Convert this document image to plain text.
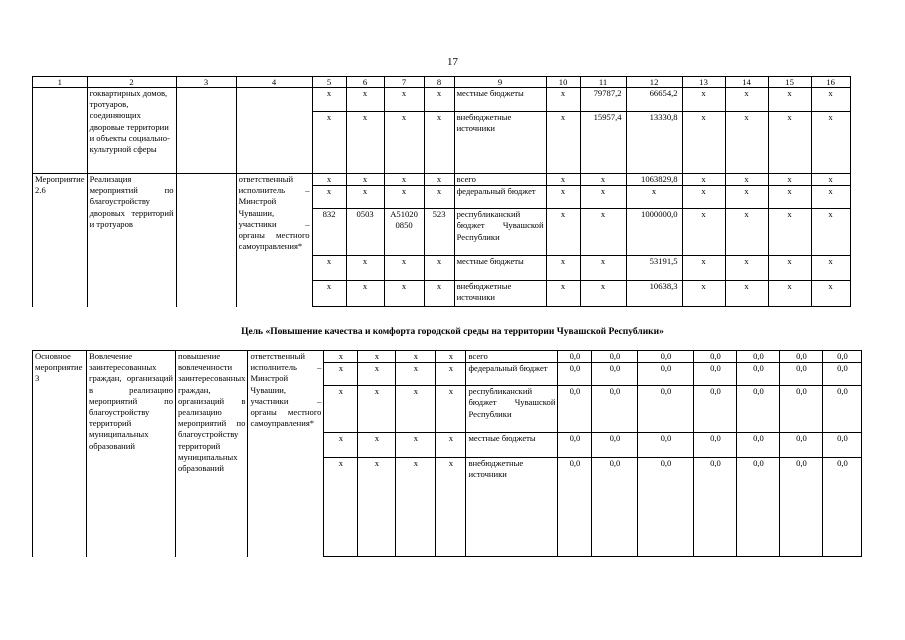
17
1	2	3	4	5	6	7	8	9	10	11	12	13	14	15	16
	гоквартирных домов, тротуаров, соединяющих дворовые территории и объекты социально-культурной сферы			x	x	x	x	местные бюджеты	x	79787,2	66654,2	x	x	x	x
				x	x	x	x	внебюджетные источники	x	15957,4	13330,8	x	x	x	x
Мероприятие 2.6	Реализация мероприятий по благоустройству дворовых территорий и тротуаров		ответственный исполнитель – Минстрой Чувашии, участники – органы местного самоуправления*	x	x	x	x	всего	x	x	1063829,8	x	x	x	x
				x	x	x	x	федеральный бюджет	x	x	x	x	x	x	x
				832	0503	А51020 0850	523	республиканский бюджет Чувашской Республики	x	x	1000000,0	x	x	x	x
				x	x	x	x	местные бюджеты	x	x	53191,5	x	x	x	x
				x	x	x	x	внебюджетные источники	x	x	10638,3	x	x	x	x
Цель «Повышение качества и комфорта городской среды на территории Чувашской Республики»
Основное мероприятие 3	Вовлечение заинтересованных граждан, организаций в реализацию мероприятий по благоустройству территорий муниципальных образований	повышение вовлеченности заинтересованных граждан, организаций в реализацию мероприятий по благоустройству территорий муниципальных образований	ответственный исполнитель – Минстрой Чувашии, участники – органы местного самоуправления*	x	x	x	x	всего	0,0	0,0	0,0	0,0	0,0	0,0	0,0
				x	x	x	x	федеральный бюджет	0,0	0,0	0,0	0,0	0,0	0,0	0,0
				x	x	x	x	республиканский бюджет Чувашской Республики	0,0	0,0	0,0	0,0	0,0	0,0	0,0
				x	x	x	x	местные бюджеты	0,0	0,0	0,0	0,0	0,0	0,0	0,0
				x	x	x	x	внебюджетные источники	0,0	0,0	0,0	0,0	0,0	0,0	0,0
